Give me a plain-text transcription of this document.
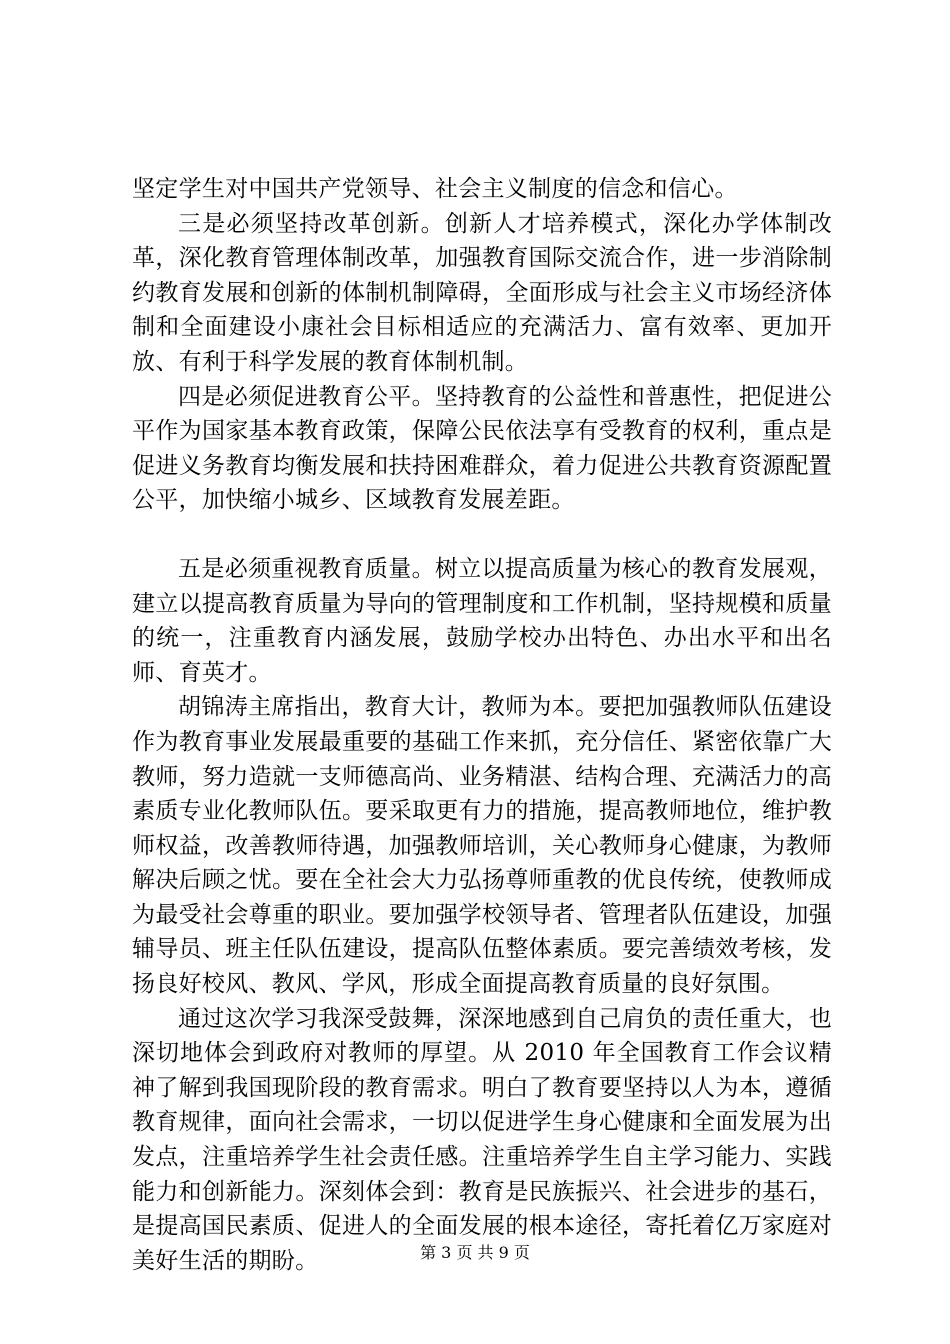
坚定学生对中国共产党领导、社会主义制度的信念和信心。

三是必须坚持改革创新。创新人才培养模式，深化办学体制改革，深化教育管理体制改革，加强教育国际交流合作，进一步消除制约教育发展和创新的体制机制障碍，全面形成与社会主义市场经济体制和全面建设小康社会目标相适应的充满活力、富有效率、更加开放、有利于科学发展的教育体制机制。

四是必须促进教育公平。坚持教育的公益性和普惠性，把促进公平作为国家基本教育政策，保障公民依法享有受教育的权利，重点是促进义务教育均衡发展和扶持困难群众，着力促进公共教育资源配置公平，加快缩小城乡、区域教育发展差距。

五是必须重视教育质量。树立以提高质量为核心的教育发展观，建立以提高教育质量为导向的管理制度和工作机制，坚持规模和质量的统一，注重教育内涵发展，鼓励学校办出特色、办出水平和出名师、育英才。

胡锦涛主席指出，教育大计，教师为本。要把加强教师队伍建设作为教育事业发展最重要的基础工作来抓，充分信任、紧密依靠广大教师，努力造就一支师德高尚、业务精湛、结构合理、充满活力的高素质专业化教师队伍。要采取更有力的措施，提高教师地位，维护教师权益，改善教师待遇，加强教师培训，关心教师身心健康，为教师解决后顾之忧。要在全社会大力弘扬尊师重教的优良传统，使教师成为最受社会尊重的职业。要加强学校领导者、管理者队伍建设，加强辅导员、班主任队伍建设，提高队伍整体素质。要完善绩效考核，发扬良好校风、教风、学风，形成全面提高教育质量的良好氛围。

通过这次学习我深受鼓舞，深深地感到自己肩负的责任重大，也深切地体会到政府对教师的厚望。从 2010 年全国教育工作会议精神了解到我国现阶段的教育需求。明白了教育要坚持以人为本，遵循教育规律，面向社会需求，一切以促进学生身心健康和全面发展为出发点，注重培养学生社会责任感。注重培养学生自主学习能力、实践能力和创新能力。深刻体会到：教育是民族振兴、社会进步的基石，是提高国民素质、促进人的全面发展的根本途径，寄托着亿万家庭对美好生活的期盼。	第 3 页 共 9 页
